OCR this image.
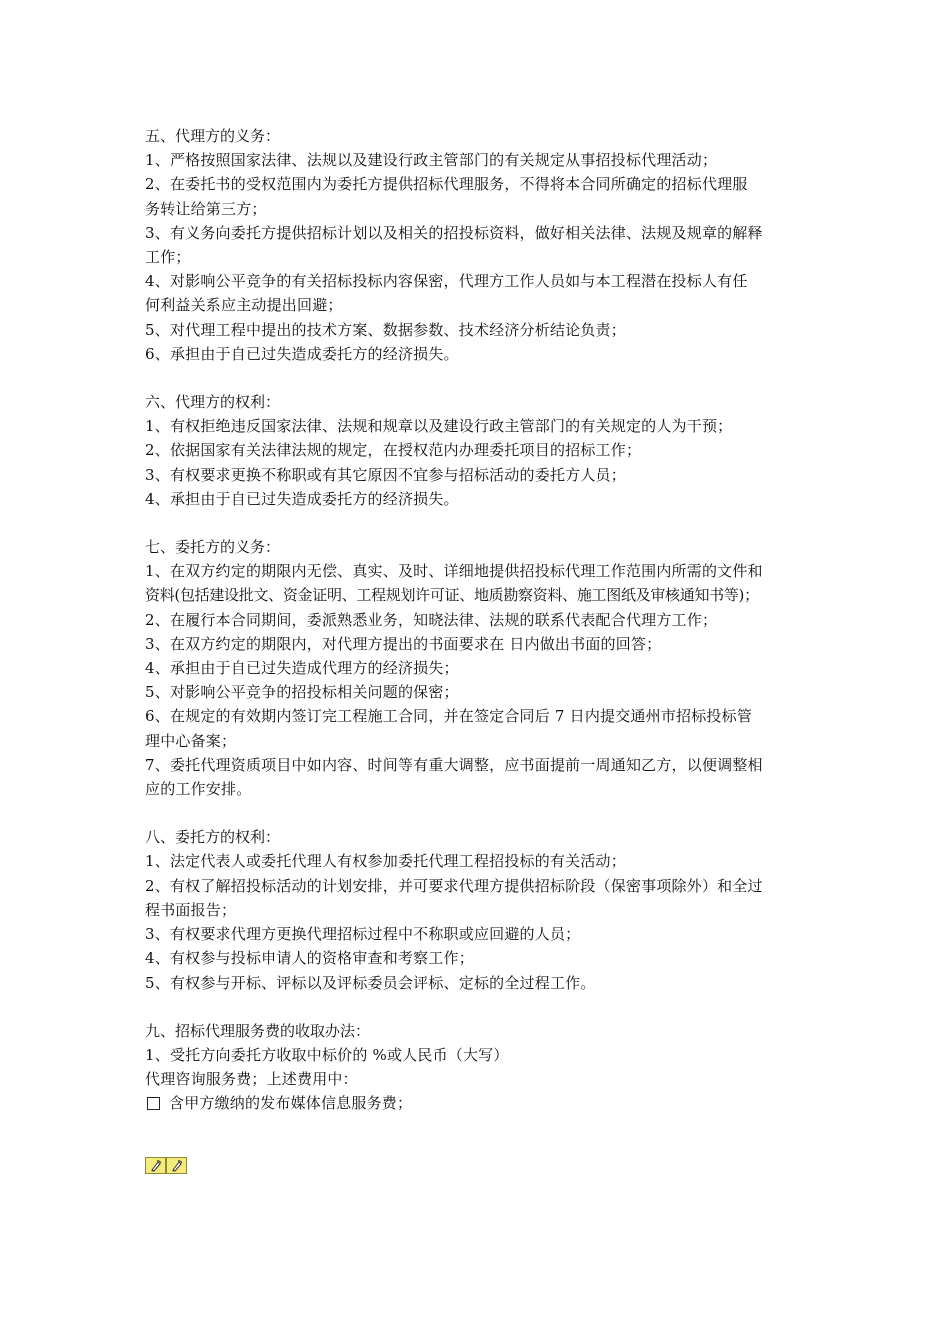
五、代理方的义务：
1、严格按照国家法律、法规以及建设行政主管部门的有关规定从事招投标代理活动；
2、在委托书的受权范围内为委托方提供招标代理服务，不得将本合同所确定的招标代理服
务转让给第三方；
3、有义务向委托方提供招标计划以及相关的招投标资料，做好相关法律、法规及规章的解释
工作；
4、对影响公平竞争的有关招标投标内容保密，代理方工作人员如与本工程潜在投标人有任
何利益关系应主动提出回避；
5、对代理工程中提出的技术方案、数据参数、技术经济分析结论负责；
6、承担由于自已过失造成委托方的经济损失。
六、代理方的权利：
1、有权拒绝违反国家法律、法规和规章以及建设行政主管部门的有关规定的人为干预；
2、依据国家有关法律法规的规定，在授权范内办理委托项目的招标工作；
3、有权要求更换不称职或有其它原因不宜参与招标活动的委托方人员；
4、承担由于自已过失造成委托方的经济损失。
七、委托方的义务：
1、在双方约定的期限内无偿、真实、及时、详细地提供招投标代理工作范围内所需的文件和
资料(包括建设批文、资金证明、工程规划许可证、地质勘察资料、施工图纸及审核通知书等)；
2、在履行本合同期间，委派熟悉业务，知晓法律、法规的联系代表配合代理方工作；
3、在双方约定的期限内，对代理方提出的书面要求在 日内做出书面的回答；
4、承担由于自已过失造成代理方的经济损失；
5、对影响公平竞争的招投标相关问题的保密；
6、在规定的有效期内签订完工程施工合同，并在签定合同后 7 日内提交通州市招标投标管
理中心备案；
7、委托代理资质项目中如内容、时间等有重大调整，应书面提前一周通知乙方，以便调整相
应的工作安排。
八、委托方的权利：
1、法定代表人或委托代理人有权参加委托代理工程招投标的有关活动；
2、有权了解招投标活动的计划安排，并可要求代理方提供招标阶段（保密事项除外）和全过
程书面报告；
3、有权要求代理方更换代理招标过程中不称职或应回避的人员；
4、有权参与投标申请人的资格审查和考察工作；
5、有权参与开标、评标以及评标委员会评标、定标的全过程工作。
九、招标代理服务费的收取办法：
1、受托方向委托方收取中标价的 %或人民币（大写）
代理咨询服务费；上述费用中：
含甲方缴纳的发布媒体信息服务费；
